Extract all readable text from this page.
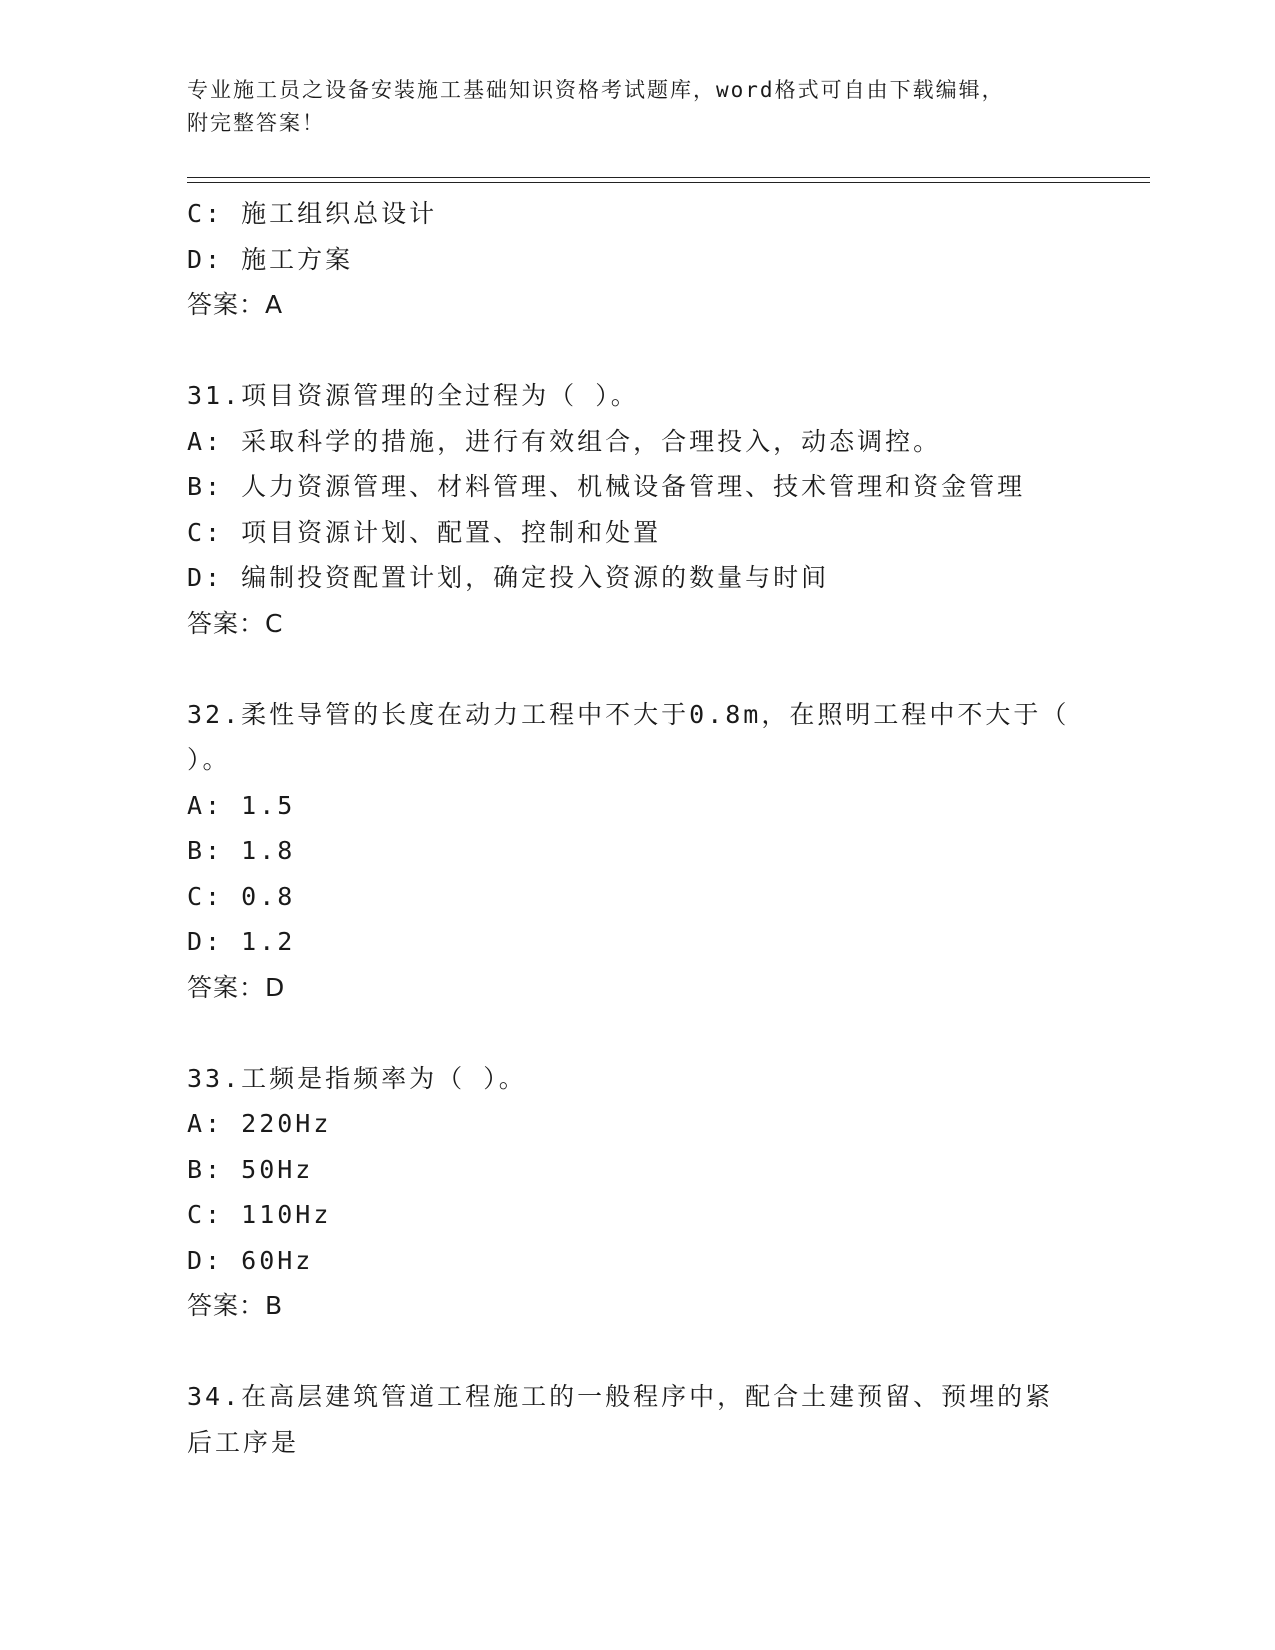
专业施工员之设备安装施工基础知识资格考试题库，word格式可自由下载编辑，
附完整答案！
C: 施工组织总设计
D: 施工方案
答案：A
31.项目资源管理的全过程为（ ）。
A: 采取科学的措施，进行有效组合，合理投入，动态调控。
B: 人力资源管理、材料管理、机械设备管理、技术管理和资金管理
C: 项目资源计划、配置、控制和处置
D: 编制投资配置计划，确定投入资源的数量与时间
答案：C
32.柔性导管的长度在动力工程中不大于0.8m，在照明工程中不大于（
）。
A: 1.5
B: 1.8
C: 0.8
D: 1.2
答案：D
33.工频是指频率为（ ）。
A: 220Hz
B: 50Hz
C: 110Hz
D: 60Hz
答案：B
34.在高层建筑管道工程施工的一般程序中，配合土建预留、预埋的紧
后工序是
